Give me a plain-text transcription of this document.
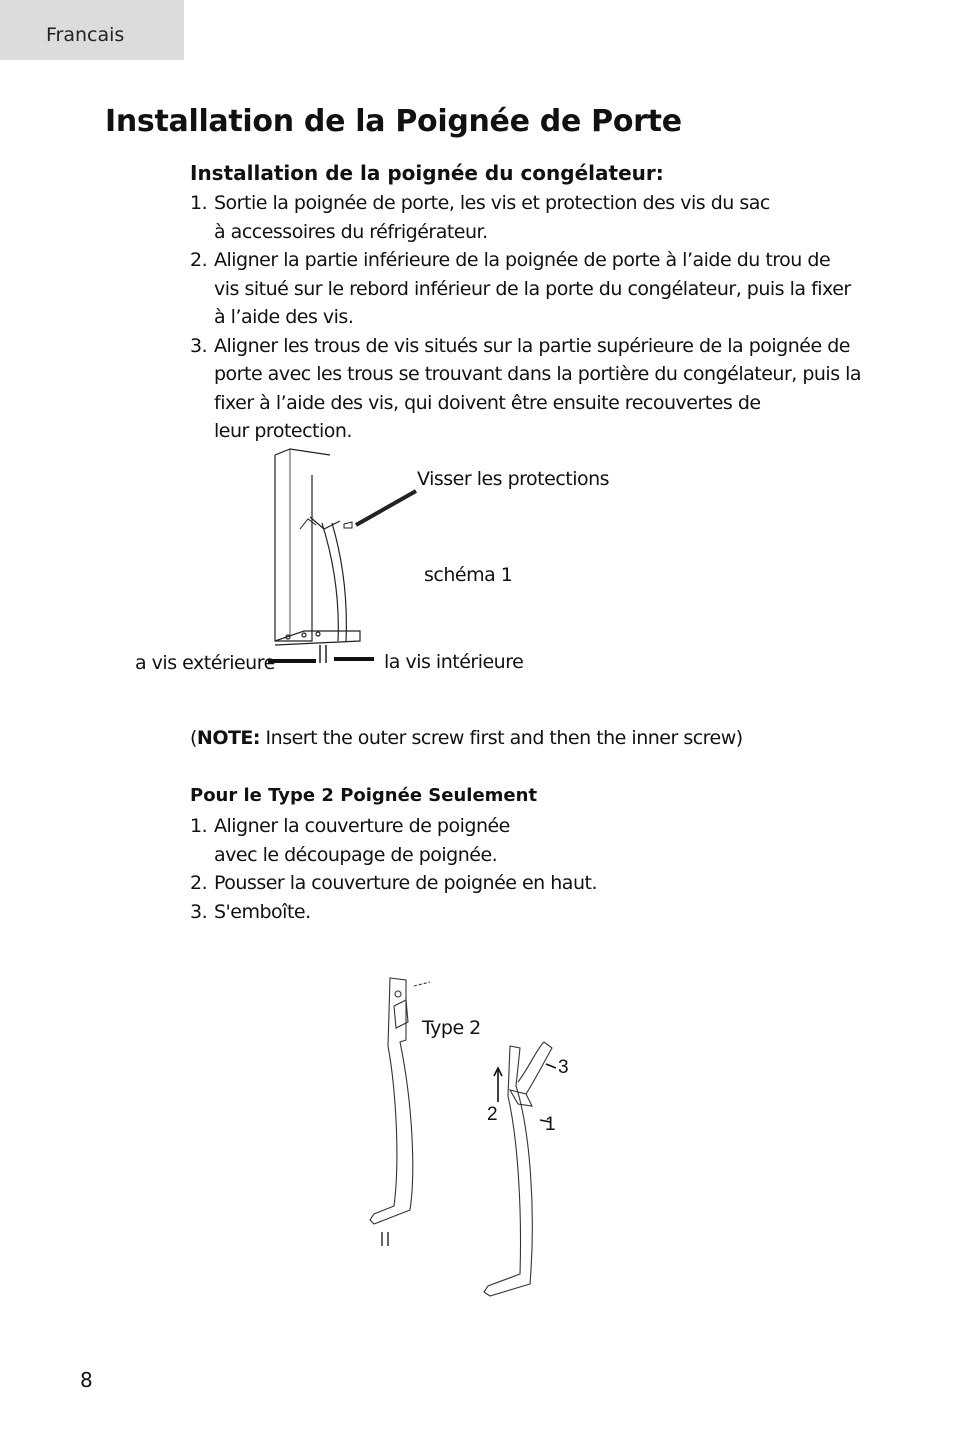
Francais
Installation de la Poignée de Porte
Installation de la poignée du congélateur:
1. Sortie la poignée de porte, les vis et protection des vis du sac
à accessoires du réfrigérateur.
2. Aligner la partie inférieure de la poignée de porte à l’aide du trou de
vis situé sur le rebord inférieur de la porte du congélateur, puis la fixer
à l’aide des vis.
3. Aligner les trous de vis situés sur la partie supérieure de la poignée de
porte avec les trous se trouvant dans la portière du congélateur, puis la
fixer à l’aide des vis, qui doivent être ensuite recouvertes de
leur protection.
Visser les protections
schéma 1
a vis extérieure	la vis intérieure

(NOTE: Insert the outer screw first and then the inner screw)

Pour le Type 2 Poignée Seulement
1. Aligner la couverture de poignée
avec le découpage de poignée.
2. Pousser la couverture de poignée en haut.
3. S'emboîte.
Type 2
3
2 1
8
